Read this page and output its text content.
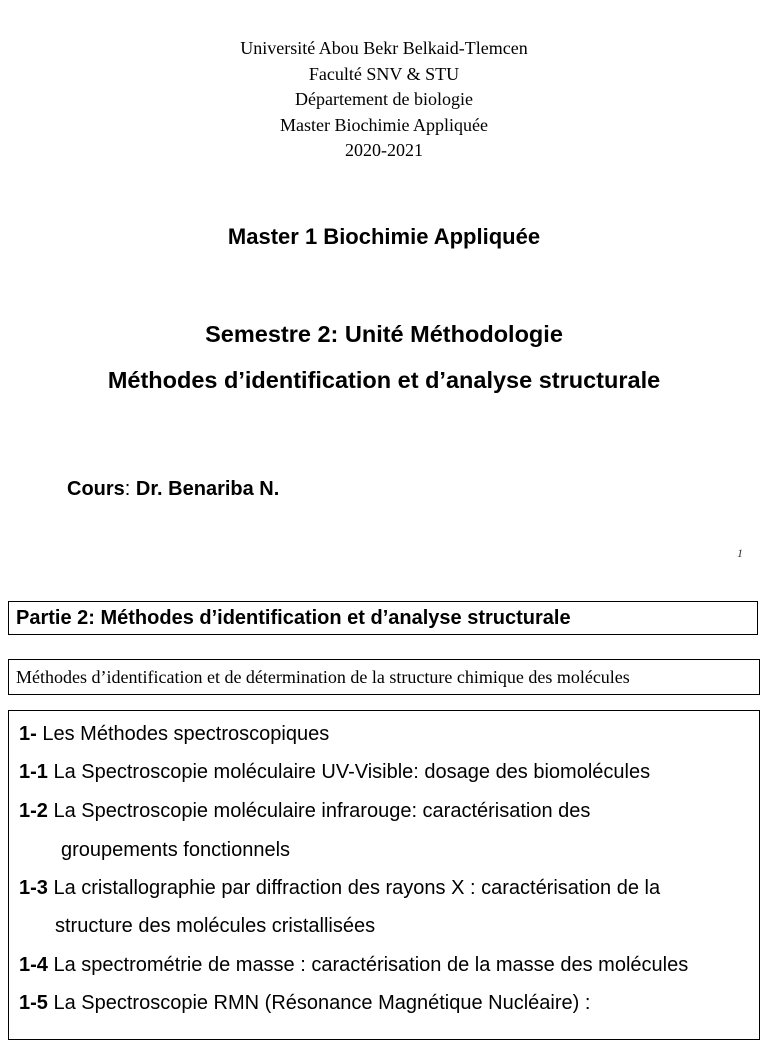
Université Abou Bekr Belkaid-Tlemcen
Faculté SNV & STU
Département de biologie
Master Biochimie Appliquée
2020-2021
Master 1 Biochimie Appliquée
Semestre 2: Unité Méthodologie
Méthodes d’identification et d’analyse structurale
Cours: Dr. Benariba N.
1
Partie 2: Méthodes d’identification et d’analyse structurale
Méthodes d’identification et de détermination de la structure chimique des molécules
1- Les Méthodes spectroscopiques
1-1 La Spectroscopie moléculaire UV-Visible: dosage des biomolécules
1-2 La Spectroscopie moléculaire infrarouge: caractérisation des
groupements fonctionnels
1-3 La cristallographie par diffraction des rayons X : caractérisation de la
structure des molécules cristallisées
1-4 La spectrométrie de masse : caractérisation de la masse des molécules
1-5 La Spectroscopie RMN (Résonance Magnétique Nucléaire) :
